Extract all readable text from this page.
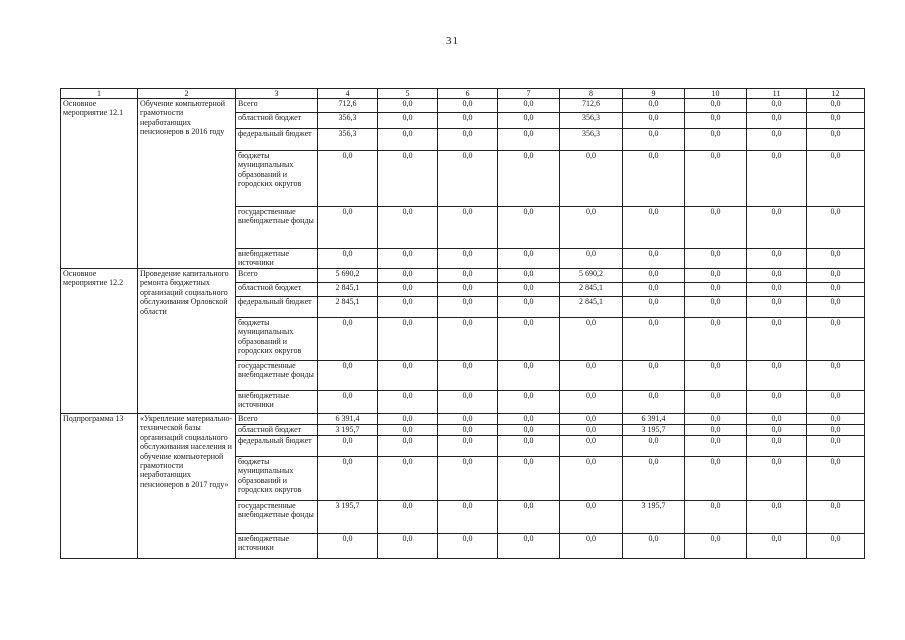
31
1	2	3	4	5	6	7	8	9	10	11	12
Основное мероприятие 12.1	Обучение компьютерной грамотности неработающих пенсионеров в 2016 году	Всего	712,6	0,0	0,0	0,0	712,6	0,0	0,0	0,0	0,0
		областной бюджет	356,3	0,0	0,0	0,0	356,3	0,0	0,0	0,0	0,0
		федеральный бюджет	356,3	0,0	0,0	0,0	356,3	0,0	0,0	0,0	0,0
		бюджеты муниципальных образований и городских округов	0,0	0,0	0,0	0,0	0,0	0,0	0,0	0,0	0,0
		государственные внебюджетные фонды	0,0	0,0	0,0	0,0	0,0	0,0	0,0	0,0	0,0
		внебюджетные источники	0,0	0,0	0,0	0,0	0,0	0,0	0,0	0,0	0,0
Основное мероприятие 12.2	Проведение капитального ремонта бюджетных организаций социального обслуживания Орловской области	Всего	5 690,2	0,0	0,0	0,0	5 690,2	0,0	0,0	0,0	0,0
		областной бюджет	2 845,1	0,0	0,0	0,0	2 845,1	0,0	0,0	0,0	0,0
		федеральный бюджет	2 845,1	0,0	0,0	0,0	2 845,1	0,0	0,0	0,0	0,0
		бюджеты муниципальных образований и городских округов	0,0	0,0	0,0	0,0	0,0	0,0	0,0	0,0	0,0
		государственные внебюджетные фонды	0,0	0,0	0,0	0,0	0,0	0,0	0,0	0,0	0,0
		внебюджетные источники	0,0	0,0	0,0	0,0	0,0	0,0	0,0	0,0	0,0
Подпрограмма 13	«Укрепление материально-технической базы организаций социального обслуживания населения и обучение компьютерной грамотности неработающих пенсионеров в 2017 году»	Всего	6 391,4	0,0	0,0	0,0	0,0	6 391,4	0,0	0,0	0,0
		областной бюджет	3 195,7	0,0	0,0	0,0	0,0	3 195,7	0,0	0,0	0,0
		федеральный бюджет	0,0	0,0	0,0	0,0	0,0	0,0	0,0	0,0	0,0
		бюджеты муниципальных образований и городских округов	0,0	0,0	0,0	0,0	0,0	0,0	0,0	0,0	0,0
		государственные внебюджетные фонды	3 195,7	0,0	0,0	0,0	0,0	3 195,7	0,0	0,0	0,0
		внебюджетные источники	0,0	0,0	0,0	0,0	0,0	0,0	0,0	0,0	0,0
